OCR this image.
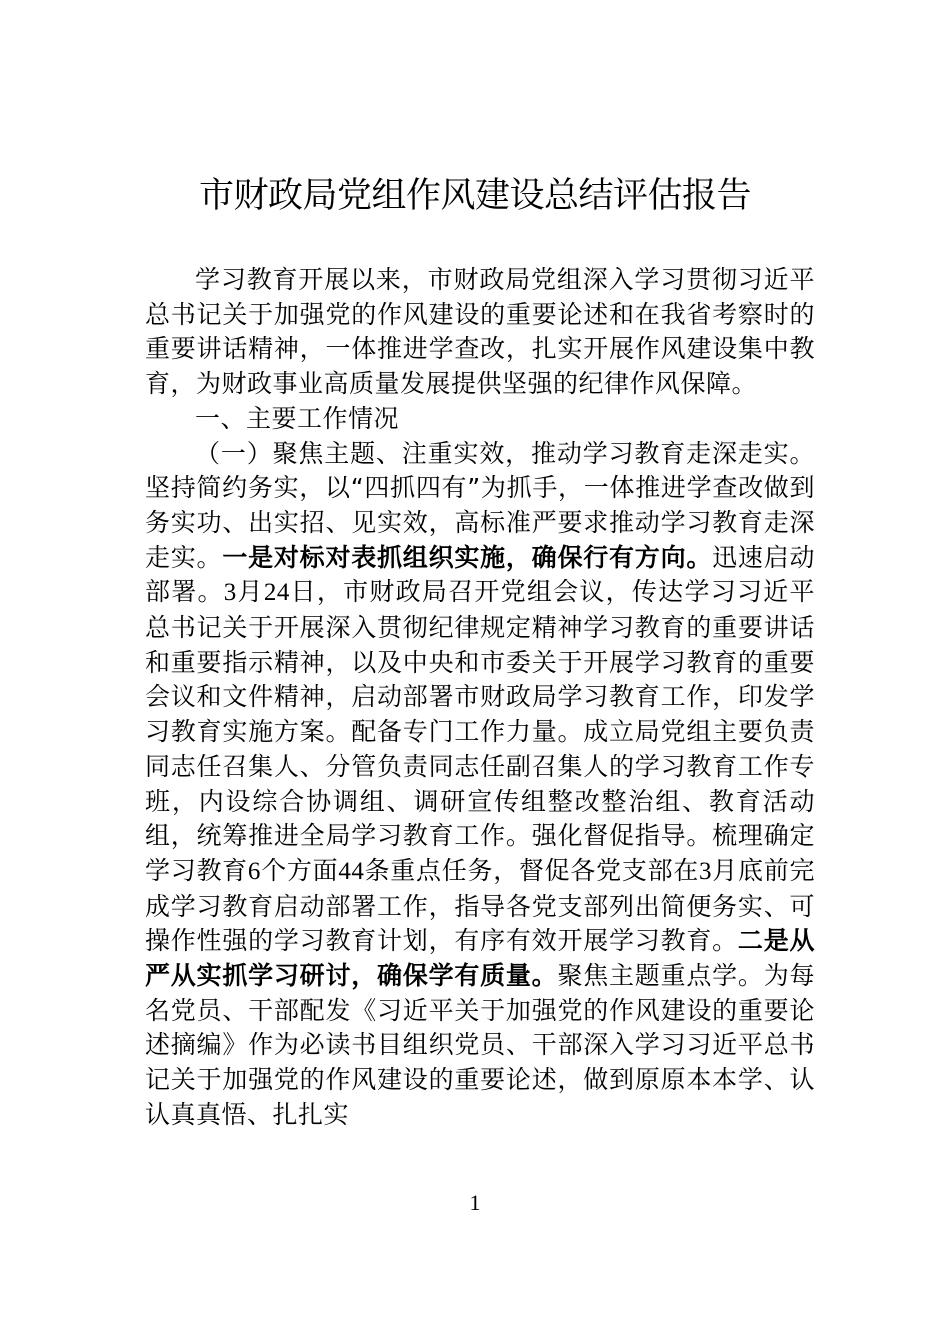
市财政局党组作风建设总结评估报告

学习教育开展以来，市财政局党组深入学习贯彻习近平总书记关于加强党的作风建设的重要论述和在我省考察时的重要讲话精神，一体推进学查改，扎实开展作风建设集中教育，为财政事业高质量发展提供坚强的纪律作风保障。

一、主要工作情况

（一）聚焦主题、注重实效，推动学习教育走深走实。坚持简约务实，以“四抓四有”为抓手，一体推进学查改做到务实功、出实招、见实效，高标准严要求推动学习教育走深走实。一是对标对表抓组织实施，确保行有方向。迅速启动部署。3月24日，市财政局召开党组会议，传达学习习近平总书记关于开展深入贯彻纪律规定精神学习教育的重要讲话和重要指示精神，以及中央和市委关于开展学习教育的重要会议和文件精神，启动部署市财政局学习教育工作，印发学习教育实施方案。配备专门工作力量。成立局党组主要负责同志任召集人、分管负责同志任副召集人的学习教育工作专班，内设综合协调组、调研宣传组整改整治组、教育活动组，统筹推进全局学习教育工作。强化督促指导。梳理确定学习教育6个方面44条重点任务，督促各党支部在3月底前完成学习教育启动部署工作，指导各党支部列出简便务实、可操作性强的学习教育计划，有序有效开展学习教育。二是从严从实抓学习研讨，确保学有质量。聚焦主题重点学。为每名党员、干部配发《习近平关于加强党的作风建设的重要论述摘编》作为必读书目组织党员、干部深入学习习近平总书记关于加强党的作风建设的重要论述，做到原原本本学、认认真真悟、扎扎实

1
